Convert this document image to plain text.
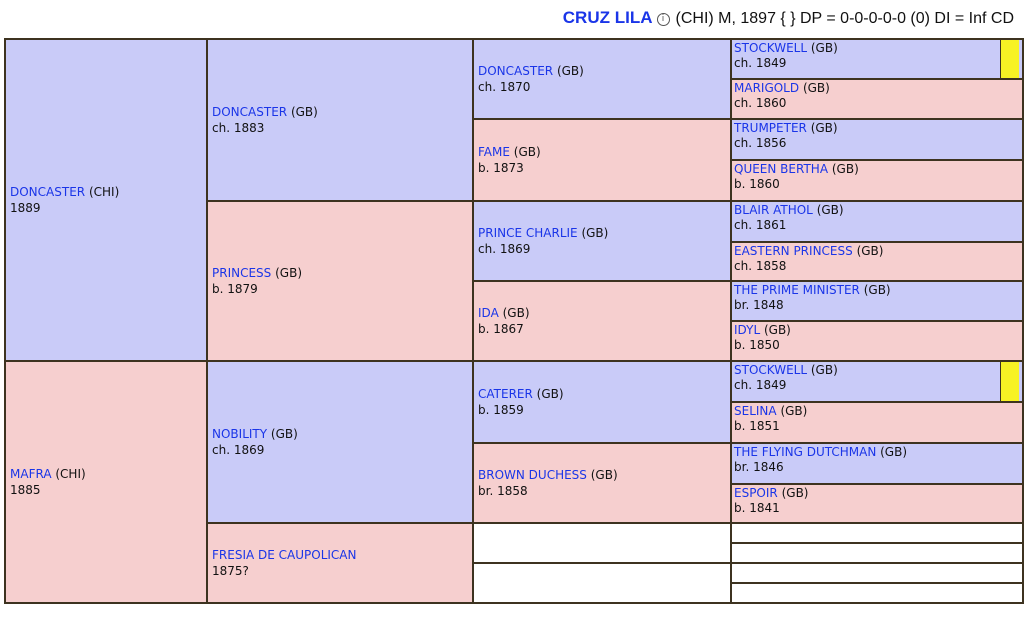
CRUZ LILA i (CHI) M, 1897 { } DP = 0-0-0-0-0 (0) DI = Inf CD
DONCASTER (CHI)
1889
MAFRA (CHI)
1885
DONCASTER (GB)
ch. 1883
PRINCESS (GB)
b. 1879
NOBILITY (GB)
ch. 1869
FRESIA DE CAUPOLICAN
1875?
DONCASTER (GB)
ch. 1870
FAME (GB)
b. 1873
PRINCE CHARLIE (GB)
ch. 1869
IDA (GB)
b. 1867
CATERER (GB)
b. 1859
BROWN DUCHESS (GB)
br. 1858
STOCKWELL (GB)
ch. 1849
MARIGOLD (GB)
ch. 1860
TRUMPETER (GB)
ch. 1856
QUEEN BERTHA (GB)
b. 1860
BLAIR ATHOL (GB)
ch. 1861
EASTERN PRINCESS (GB)
ch. 1858
THE PRIME MINISTER (GB)
br. 1848
IDYL (GB)
b. 1850
STOCKWELL (GB)
ch. 1849
SELINA (GB)
b. 1851
THE FLYING DUTCHMAN (GB)
br. 1846
ESPOIR (GB)
b. 1841
